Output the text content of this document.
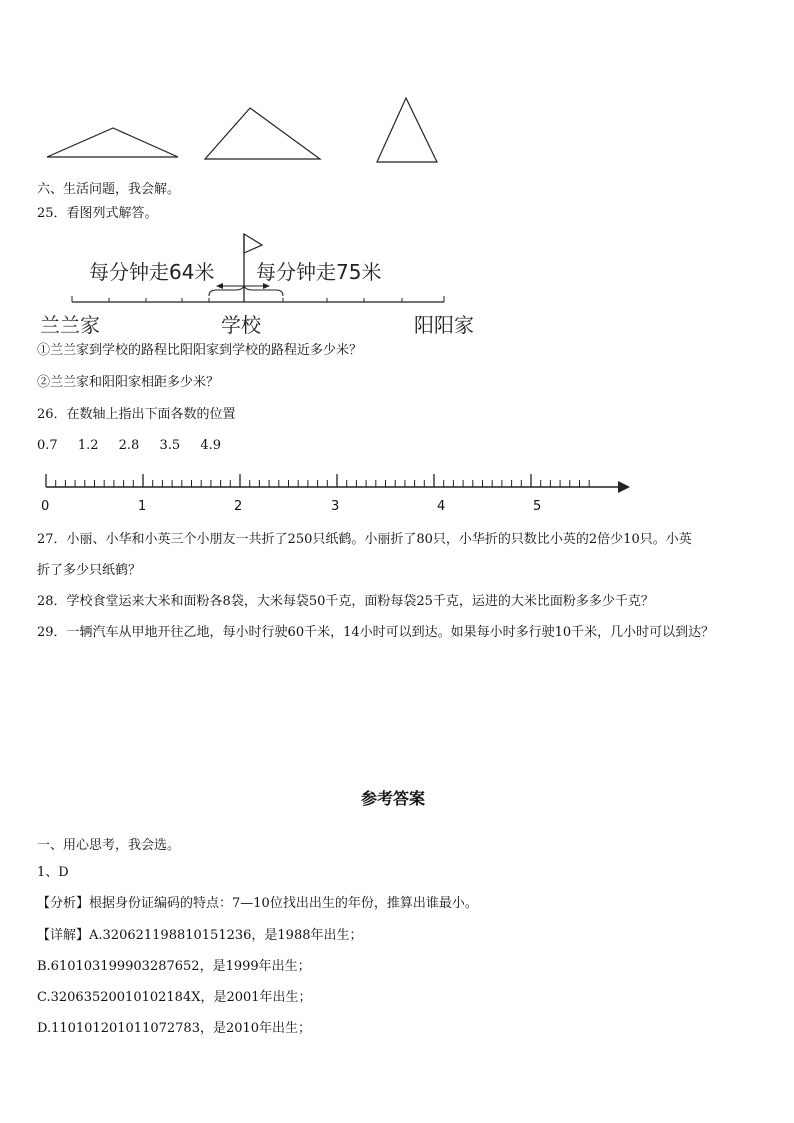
六、生活问题，我会解。
25．看图列式解答。
每分钟走64米 每分钟走75米
兰兰家	学校	阳阳家
①兰兰家到学校的路程比阳阳家到学校的路程近多少米？
②兰兰家和阳阳家相距多少米？
26．在数轴上指出下面各数的位置
0.7 1.2 2.8 3.5 4.9
0	1	2	3	4	5
27．小丽、小华和小英三个小朋友一共折了250只纸鹤。小丽折了80只，小华折的只数比小英的2倍少10只。小英
折了多少只纸鹤？
28．学校食堂运来大米和面粉各8袋，大米每袋50千克，面粉每袋25千克，运进的大米比面粉多多少千克？
29．一辆汽车从甲地开往乙地，每小时行驶60千米，14小时可以到达。如果每小时多行驶10千米，几小时可以到达？
参考答案
一、用心思考，我会选。
1、D
【分析】根据身份证编码的特点：7—10位找出出生的年份，推算出谁最小。
【详解】A.320621198810151236，是1988年出生；
B.610103199903287652，是1999年出生；
C.32063520010102184X，是2001年出生；
D.110101201011072783，是2010年出生；
